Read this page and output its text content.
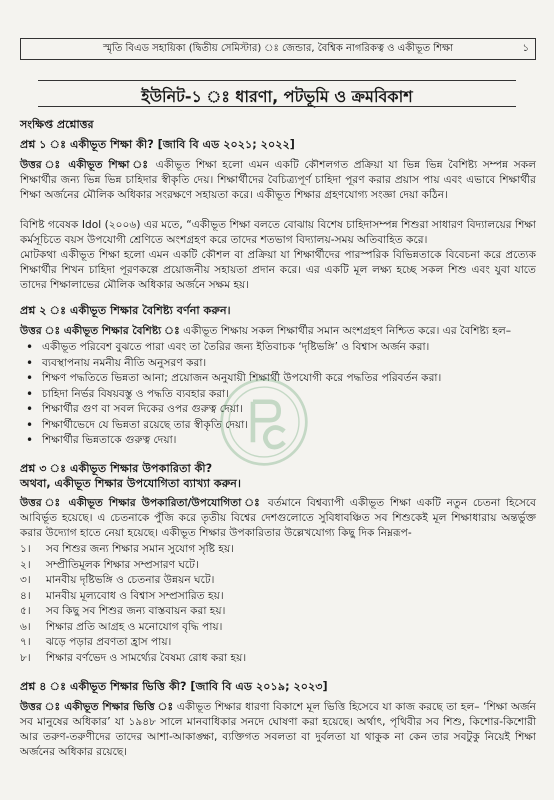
স্মৃতি বিএড সহায়িকা (দ্বিতীয় সেমিস্টার) ঃ জেন্ডার, বৈশ্বিক নাগরিকত্ব ও একীভূত শিক্ষা	১
ইউনিট-১ ঃ ধারণা, পটভূমি ও ক্রমবিকাশ
সংক্ষিপ্ত প্রশ্নোত্তর
প্রশ্ন ১ ঃ একীভূত শিক্ষা কী? [জাবি বি এড ২০২১; ২০২২]

উত্তর ঃ একীভূত শিক্ষা ঃ একীভূত শিক্ষা হলো এমন একটি কৌশলগত প্রক্রিয়া যা ভিন্ন ভিন্ন বৈশিষ্ট্য সম্পন্ন সকল শিক্ষার্থীর জন্য ভিন্ন ভিন্ন চাহিদার স্বীকৃতি দেয়। শিক্ষার্থীদের বৈচিত্র্যপূর্ণ চাহিদা পূরণ করার প্রয়াস পায় এবং এভাবে শিক্ষার্থীর শিক্ষা অর্জনের মৌলিক অধিকার সংরক্ষণে সহায়তা করে। একীভূত শিক্ষার গ্রহণযোগ্য সংজ্ঞা দেয়া কঠিন।

বিশিষ্ট গবেষক Idol (২০০৬) এর মতে, “একীভূত শিক্ষা বলতে বোঝায় বিশেষ চাহিদাসম্পন্ন শিশুরা সাধারণ বিদ্যালয়ের শিক্ষা কর্মসূচিতে বয়স উপযোগী শ্রেণিতে অংশগ্রহণ করে তাদের শতভাগ বিদ্যালয়-সময় অতিবাহিত করে।

মোটকথা একীভূত শিক্ষা হলো এমন একটি কৌশল বা প্রক্রিয়া যা শিক্ষার্থীদের পারস্পরিক বিভিন্নতাকে বিবেচনা করে প্রত্যেক শিক্ষার্থীর শিখন চাহিদা পূরণকল্পে প্রয়োজনীয় সহায়তা প্রদান করে। এর একটি মূল লক্ষ্য হচ্ছে সকল শিশু এবং যুবা যাতে তাদের শিক্ষালাভের মৌলিক অধিকার অর্জনে সক্ষম হয়।

প্রশ্ন ২ ঃ একীভূত শিক্ষার বৈশিষ্ট্য বর্ণনা করুন।

উত্তর ঃ একীভূত শিক্ষার বৈশিষ্ট্য ঃ একীভূত শিক্ষায় সকল শিক্ষার্থীর সমান অংশগ্রহণ নিশ্চিত করে। এর বৈশিষ্ট্য হল–

• একীভূত পরিবেশ বুঝতে পারা এবং তা তৈরির জন্য ইতিবাচক ‘দৃষ্টিভঙ্গি’ ও বিশ্বাস অর্জন করা।
• ব্যবস্থাপনায় নমনীয় নীতি অনুসরণ করা।
• শিক্ষণ পদ্ধতিতে ভিন্নতা আনা; প্রয়োজন অনুযায়ী শিক্ষার্থী উপযোগী করে পদ্ধতির পরিবর্তন করা।
• চাহিদা নির্ভর বিষয়বস্তু ও পদ্ধতি ব্যবহার করা।
• শিক্ষার্থীর গুণ বা সবল দিকের ওপর গুরুত্ব দেয়া।
• শিক্ষার্থীভেদে যে ভিন্নতা রয়েছে তার স্বীকৃতি দেয়া।
• শিক্ষার্থীর ভিন্নতাকে গুরুত্ব দেয়া।
প্রশ্ন ৩ ঃ একীভূত শিক্ষার উপকারিতা কী?
অথবা, একীভূত শিক্ষার উপযোগিতা ব্যাখ্যা করুন।

উত্তর ঃ একীভূত শিক্ষার উপকারিতা/উপযোগিতা ঃ বর্তমানে বিশ্বব্যাপী একীভূত শিক্ষা একটি নতুন চেতনা হিসেবে আবির্ভূত হয়েছে। এ চেতনাকে পুঁজি করে তৃতীয় বিশ্বের দেশগুলোতে সুবিধাবঞ্চিত সব শিশুকেই মূল শিক্ষাধারায় অন্তর্ভুক্ত করার উদ্যোগ হাতে নেয়া হয়েছে। একীভূত শিক্ষার উপকারিতার উল্লেখযোগ্য কিছু দিক নিম্নরূপ-

১। সব শিশুর জন্য শিক্ষার সমান সুযোগ সৃষ্টি হয়।
২। সম্প্রীতিমূলক শিক্ষার সম্প্রসারণ ঘটে।
৩। মানবীয় দৃষ্টিভঙ্গি ও চেতনার উন্নয়ন ঘটে।
৪। মানবীয় মূল্যবোধ ও বিশ্বাস সম্প্রসারিত হয়।
৫। সব কিছু সব শিশুর জন্য বাস্তবায়ন করা হয়।
৬। শিক্ষার প্রতি আগ্রহ ও মনোযোগ বৃদ্ধি পায়।
৭। ঝড়ে পড়ার প্রবণতা হ্রাস পায়।
৮। শিক্ষার বর্ণভেদ ও সামর্থ্যের বৈষম্য রোধ করা হয়।
প্রশ্ন ৪ ঃ একীভূত শিক্ষার ভিত্তি কী? [জাবি বি এড ২০১৯; ২০২৩]

উত্তর ঃ একীভূত শিক্ষার ভিত্তি ঃ একীভূত শিক্ষার ধারণা বিকাশে মূল ভিত্তি হিসেবে যা কাজ করছে তা হল– ‘শিক্ষা অর্জন সব মানুষের অধিকার’ যা ১৯৪৮ সালে মানবাধিকার সনদে ঘোষণা করা হয়েছে। অর্থাৎ, পৃথিবীর সব শিশু, কিশোর-কিশোরী আর তরুণ-তরুণীদের তাদের আশা-আকাঙ্ক্ষা, ব্যক্তিগত সবলতা বা দুর্বলতা যা থাকুক না কেন তার সবটুকু নিয়েই শিক্ষা অর্জনের অধিকার রয়েছে।
